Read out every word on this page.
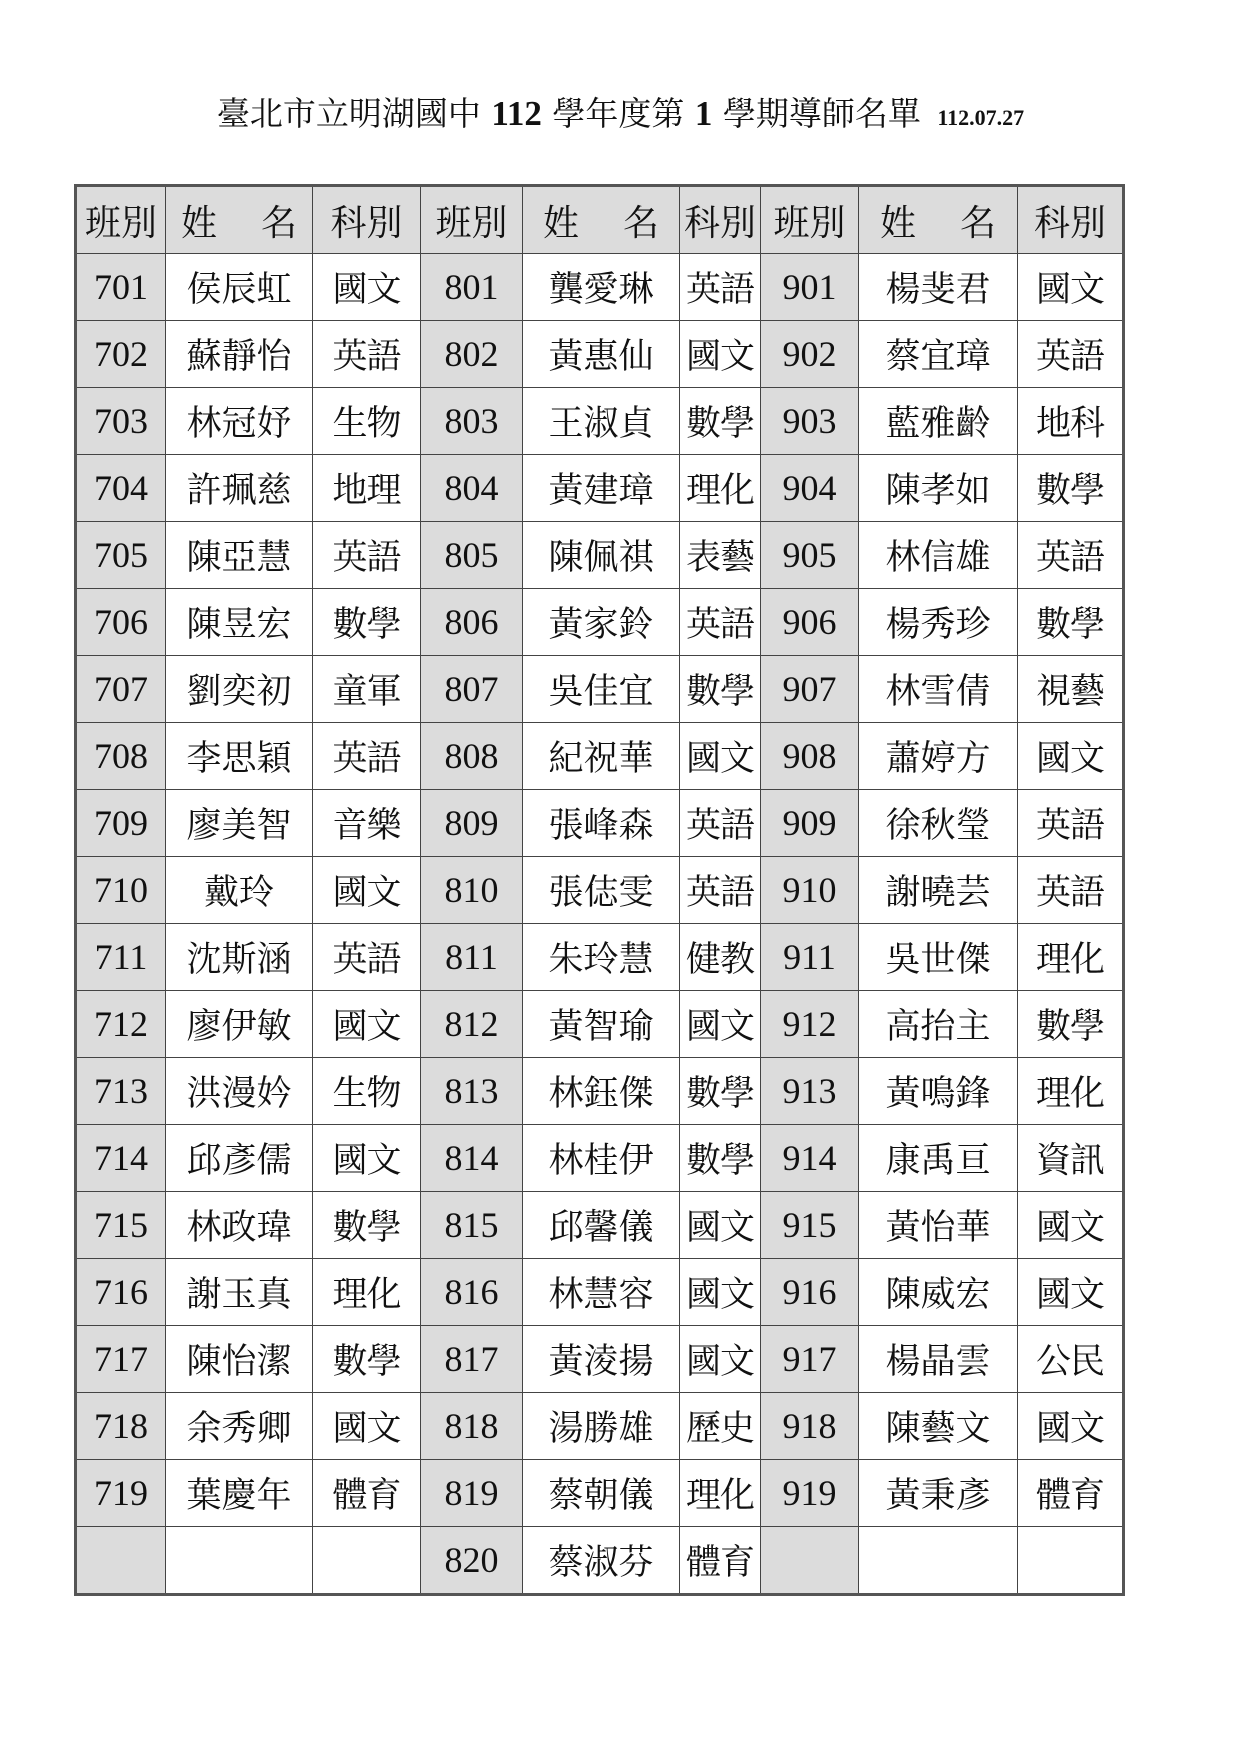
臺北市立明湖國中 112 學年度第 1 學期導師名單 112.07.27
班別	姓 名	科別	班別	姓 名	科別	班別	姓 名	科別
701	侯辰虹	國文	801	龔愛琳	英語	901	楊斐君	國文
702	蘇靜怡	英語	802	黃惠仙	國文	902	蔡宜璋	英語
703	林冠妤	生物	803	王淑貞	數學	903	藍雅齡	地科
704	許珮慈	地理	804	黃建璋	理化	904	陳孝如	數學
705	陳亞慧	英語	805	陳佩祺	表藝	905	林信雄	英語
706	陳昱宏	數學	806	黃家鈴	英語	906	楊秀珍	數學
707	劉奕初	童軍	807	吳佳宜	數學	907	林雪倩	視藝
708	李思穎	英語	808	紀祝華	國文	908	蕭婷方	國文
709	廖美智	音樂	809	張峰森	英語	909	徐秋瑩	英語
710	戴玲	國文	810	張俧雯	英語	910	謝曉芸	英語
711	沈斯涵	英語	811	朱玲慧	健教	911	吳世傑	理化
712	廖伊敏	國文	812	黃智瑜	國文	912	高抬主	數學
713	洪漫妗	生物	813	林鈺傑	數學	913	黃鳴鋒	理化
714	邱彥儒	國文	814	林桂伊	數學	914	康禹亘	資訊
715	林政瑋	數學	815	邱馨儀	國文	915	黃怡華	國文
716	謝玉真	理化	816	林慧容	國文	916	陳威宏	國文
717	陳怡潔	數學	817	黃淩揚	國文	917	楊晶雲	公民
718	余秀卿	國文	818	湯勝雄	歷史	918	陳藝文	國文
719	葉慶年	體育	819	蔡朝儀	理化	919	黃秉彥	體育
			820	蔡淑芬	體育			
